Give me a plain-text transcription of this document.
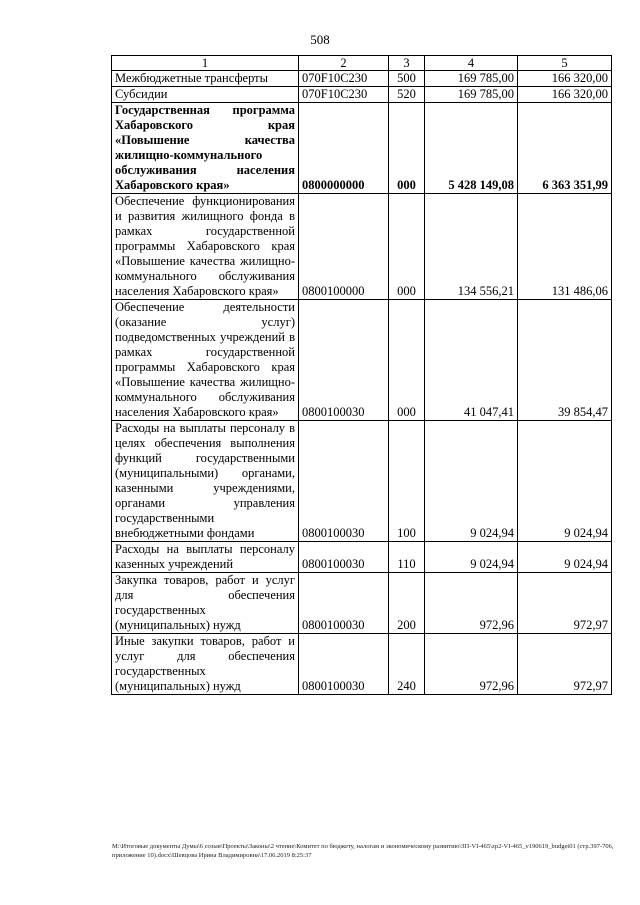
508
1	2	3	4	5
Межбюджетные трансферты	070F10C230	500	169 785,00	166 320,00
Субсидии	070F10C230	520	169 785,00	166 320,00
Государственная программа Хабаровского края «Повышение качества жилищно-коммунального обслуживания населения Хабаровского края»	0800000000	000	5 428 149,08	6 363 351,99
Обеспечение функционирования и развития жилищного фонда в рамках государственной программы Хабаровского края «Повышение качества жилищно-коммунального обслуживания населения Хабаровского края»	0800100000	000	134 556,21	131 486,06
Обеспечение деятельности (оказание услуг) подведомственных учреждений в рамках государственной программы Хабаровского края «Повышение качества жилищно-коммунального обслуживания населения Хабаровского края»	0800100030	000	41 047,41	39 854,47
Расходы на выплаты персоналу в целях обеспечения выполнения функций государственными (муниципальными) органами, казенными учреждениями, органами управления государственными внебюджетными фондами	0800100030	100	9 024,94	9 024,94
Расходы на выплаты персоналу казенных учреждений	0800100030	110	9 024,94	9 024,94
Закупка товаров, работ и услуг для обеспечения государственных (муниципальных) нужд	0800100030	200	972,96	972,97
Иные закупки товаров, работ и услуг для обеспечения государственных (муниципальных) нужд	0800100030	240	972,96	972,97
M:\Итоговые документы Думы\6 созыв\Проекты\Законы\2 чтение\Комитет по бюджету, налогам и экономическому развитию\ЗП-VI-465\zp2-VI-465_v190619_budget01 (стр.397-706, приложение 10).docx\Шевцова Ирина Владимировна\17.06.2019 8:25:37
